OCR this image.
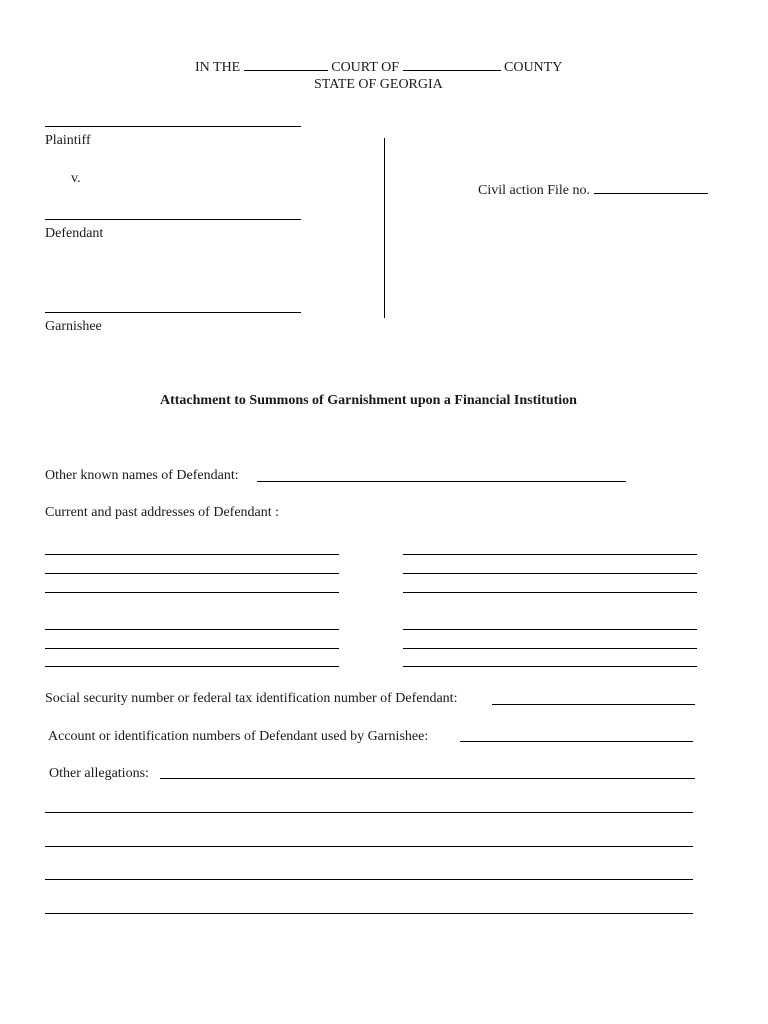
IN THE	COURT OF	COUNTY
STATE OF GEORGIA
Plaintiff
v.
Defendant
Garnishee
Civil action File no.
Attachment to Summons of Garnishment upon a Financial Institution
Other known names of Defendant:
Current and past addresses of Defendant :
Social security number or federal tax identification number of Defendant:
Account or identification numbers of Defendant used by Garnishee:
Other allegations:
